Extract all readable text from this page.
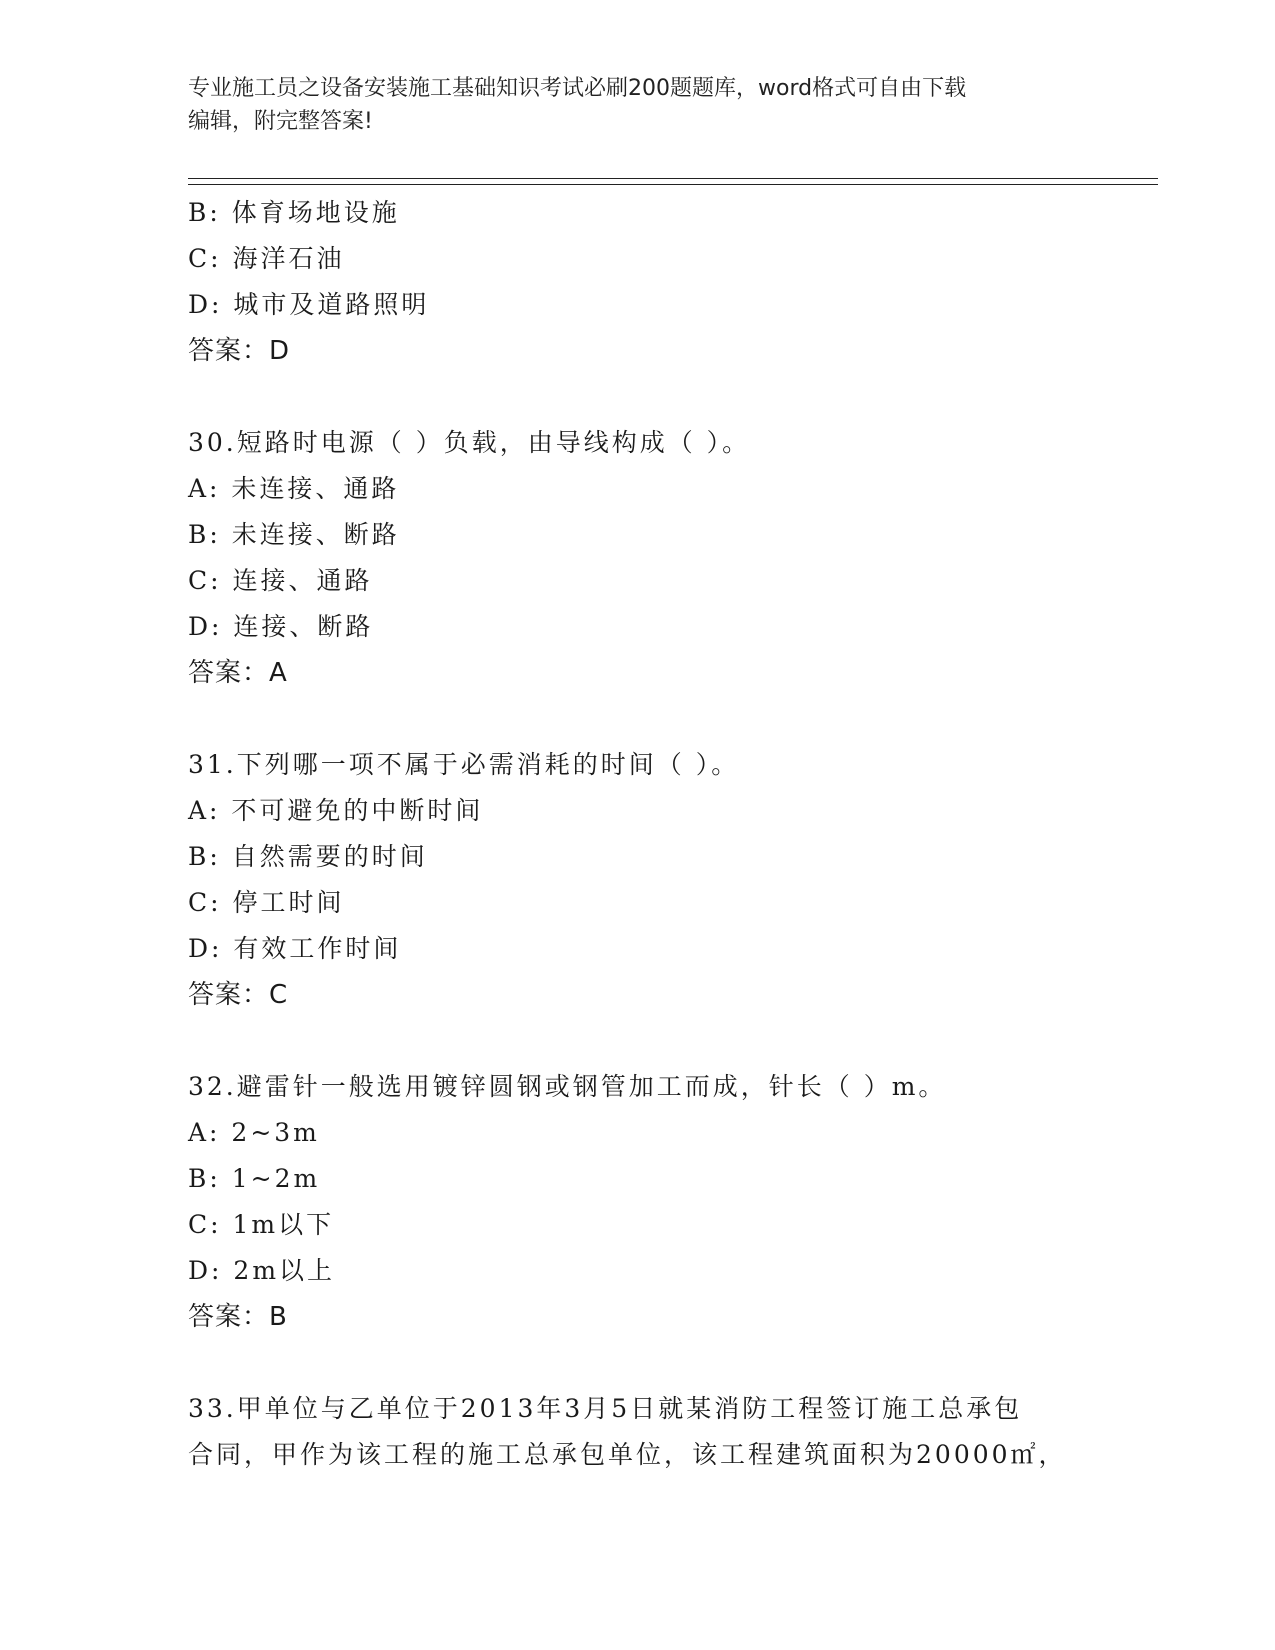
专业施工员之设备安装施工基础知识考试必刷200题题库，word格式可自由下载
编辑，附完整答案!
B: 体育场地设施
C: 海洋石油
D: 城市及道路照明
答案：D
30.短路时电源（ ）负载，由导线构成（ ）。
A: 未连接、通路
B: 未连接、断路
C: 连接、通路
D: 连接、断路
答案：A
31.下列哪一项不属于必需消耗的时间（ ）。
A: 不可避免的中断时间
B: 自然需要的时间
C: 停工时间
D: 有效工作时间
答案：C
32.避雷针一般选用镀锌圆钢或钢管加工而成，针长（ ）m。
A: 2~3m
B: 1~2m
C: 1m以下
D: 2m以上
答案：B
33.甲单位与乙单位于2013年3月5日就某消防工程签订施工总承包
合同，甲作为该工程的施工总承包单位，该工程建筑面积为20000㎡，
